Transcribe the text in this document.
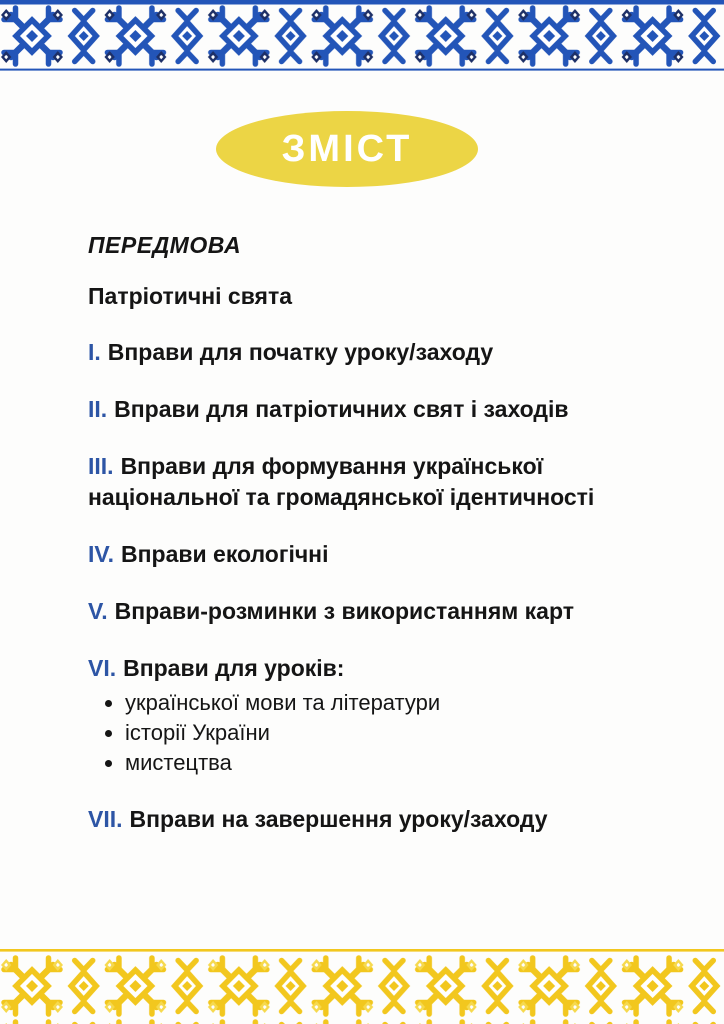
ЗМІСТ
ПЕРЕДМОВА
Патріотичні свята
I. Вправи для початку уроку/заходу
II. Вправи для патріотичних свят і заходів
III. Вправи для формування української національної та громадянської ідентичності
IV. Вправи екологічні
V. Вправи-розминки з використанням карт
VI. Вправи для уроків:
• української мови та літератури
• історії України
• мистецтва
VII. Вправи на завершення уроку/заходу
